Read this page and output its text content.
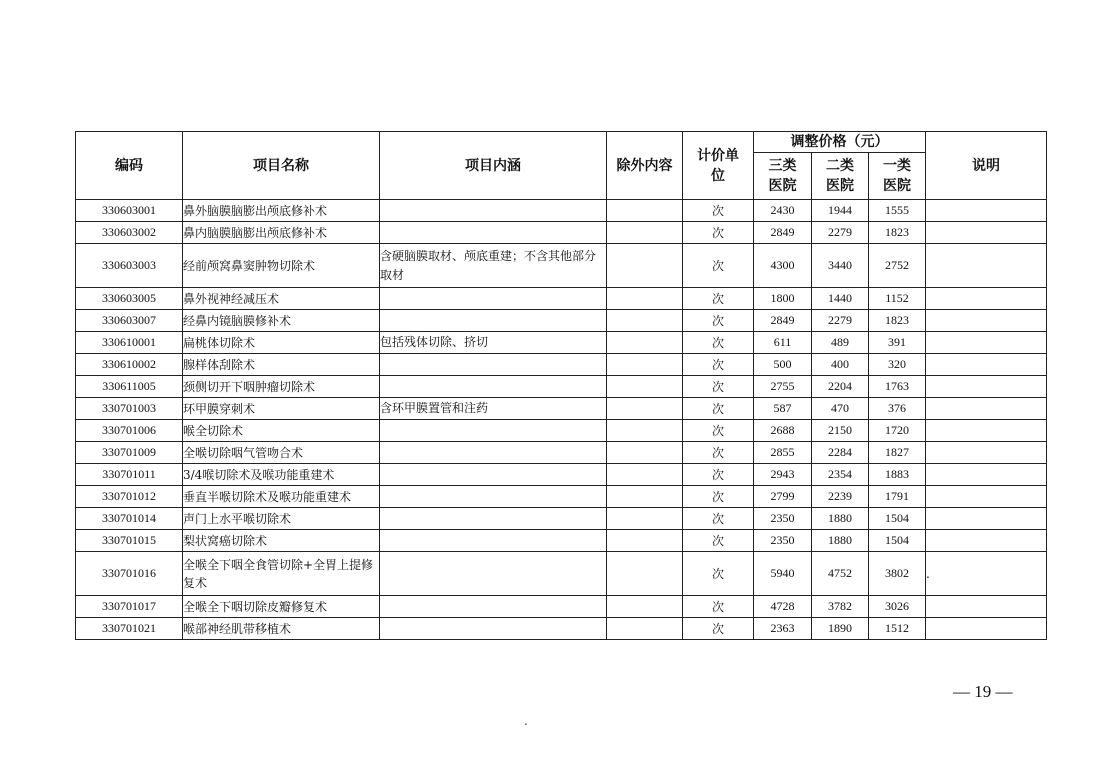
编码	项目名称	项目内涵	除外内容	计价单位	调整价格（元）			说明
					三类医院	二类医院	一类医院	
330603001	鼻外脑膜脑膨出颅底修补术			次	2430	1944	1555	
330603002	鼻内脑膜脑膨出颅底修补术			次	2849	2279	1823	
330603003	经前颅窝鼻窦肿物切除术	含硬脑膜取材、颅底重建；不含其他部分取材		次	4300	3440	2752	
330603005	鼻外视神经减压术			次	1800	1440	1152	
330603007	经鼻内镜脑膜修补术			次	2849	2279	1823	
330610001	扁桃体切除术	包括残体切除、挤切		次	611	489	391	
330610002	腺样体刮除术			次	500	400	320	
330611005	颈侧切开下咽肿瘤切除术			次	2755	2204	1763	
330701003	环甲膜穿刺术	含环甲膜置管和注药		次	587	470	376	
330701006	喉全切除术			次	2688	2150	1720	
330701009	全喉切除咽气管吻合术			次	2855	2284	1827	
330701011	3/4喉切除术及喉功能重建术			次	2943	2354	1883	
330701012	垂直半喉切除术及喉功能重建术			次	2799	2239	1791	
330701014	声门上水平喉切除术			次	2350	1880	1504	
330701015	梨状窝癌切除术			次	2350	1880	1504	
330701016	全喉全下咽全食管切除+全胃上提修复术			次	5940	4752	3802	.
330701017	全喉全下咽切除皮瓣修复术			次	4728	3782	3026	
330701021	喉部神经肌带移植术			次	2363	1890	1512	
.
— 19 —
